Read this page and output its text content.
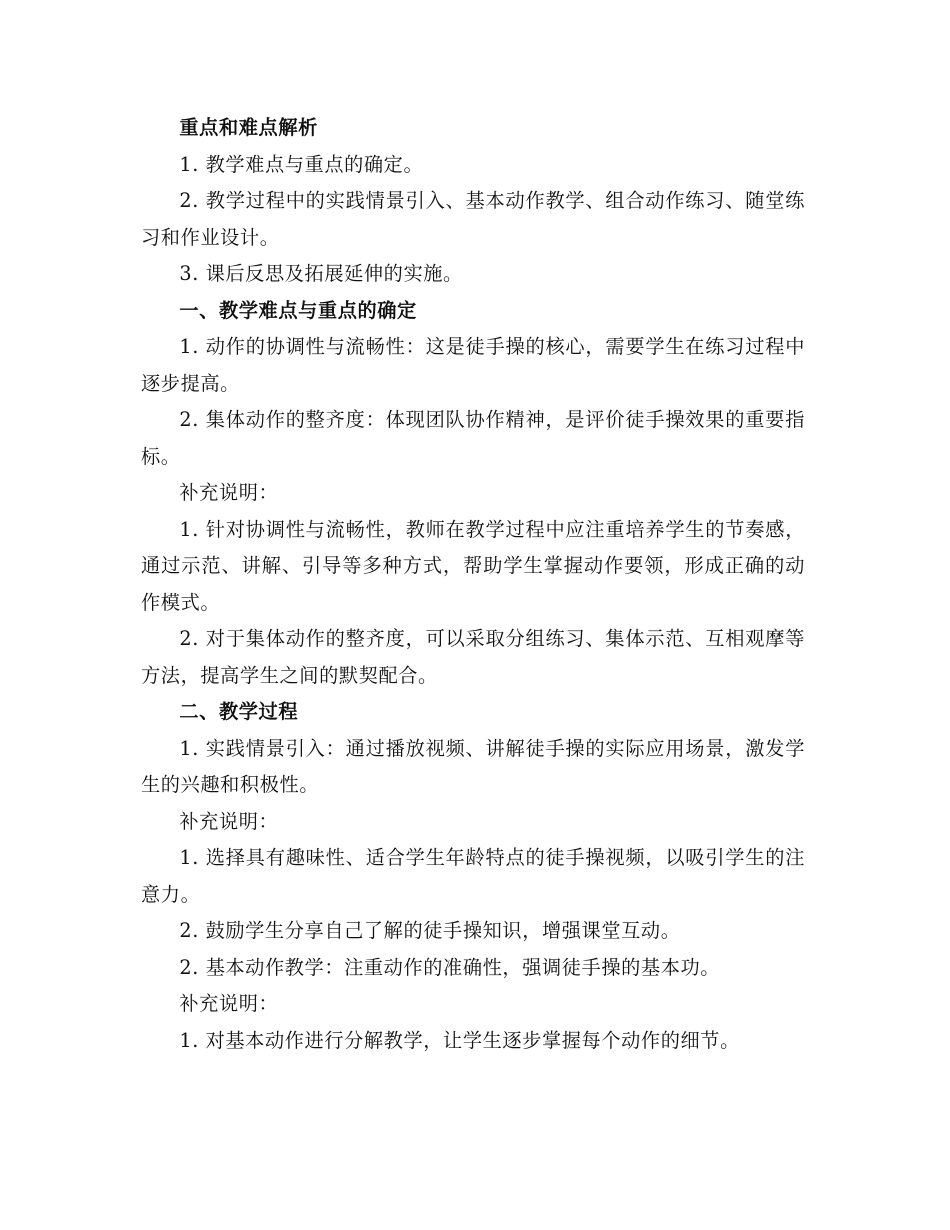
重点和难点解析

1. 教学难点与重点的确定。

2. 教学过程中的实践情景引入、基本动作教学、组合动作练习、随堂练习和作业设计。

3. 课后反思及拓展延伸的实施。

一、教学难点与重点的确定

1. 动作的协调性与流畅性：这是徒手操的核心，需要学生在练习过程中逐步提高。

2. 集体动作的整齐度：体现团队协作精神，是评价徒手操效果的重要指标。

补充说明：

1. 针对协调性与流畅性，教师在教学过程中应注重培养学生的节奏感，通过示范、讲解、引导等多种方式，帮助学生掌握动作要领，形成正确的动作模式。

2. 对于集体动作的整齐度，可以采取分组练习、集体示范、互相观摩等方法，提高学生之间的默契配合。

二、教学过程

1. 实践情景引入：通过播放视频、讲解徒手操的实际应用场景，激发学生的兴趣和积极性。

补充说明：

1. 选择具有趣味性、适合学生年龄特点的徒手操视频，以吸引学生的注意力。

2. 鼓励学生分享自己了解的徒手操知识，增强课堂互动。

2. 基本动作教学：注重动作的准确性，强调徒手操的基本功。

补充说明：

1. 对基本动作进行分解教学，让学生逐步掌握每个动作的细节。
